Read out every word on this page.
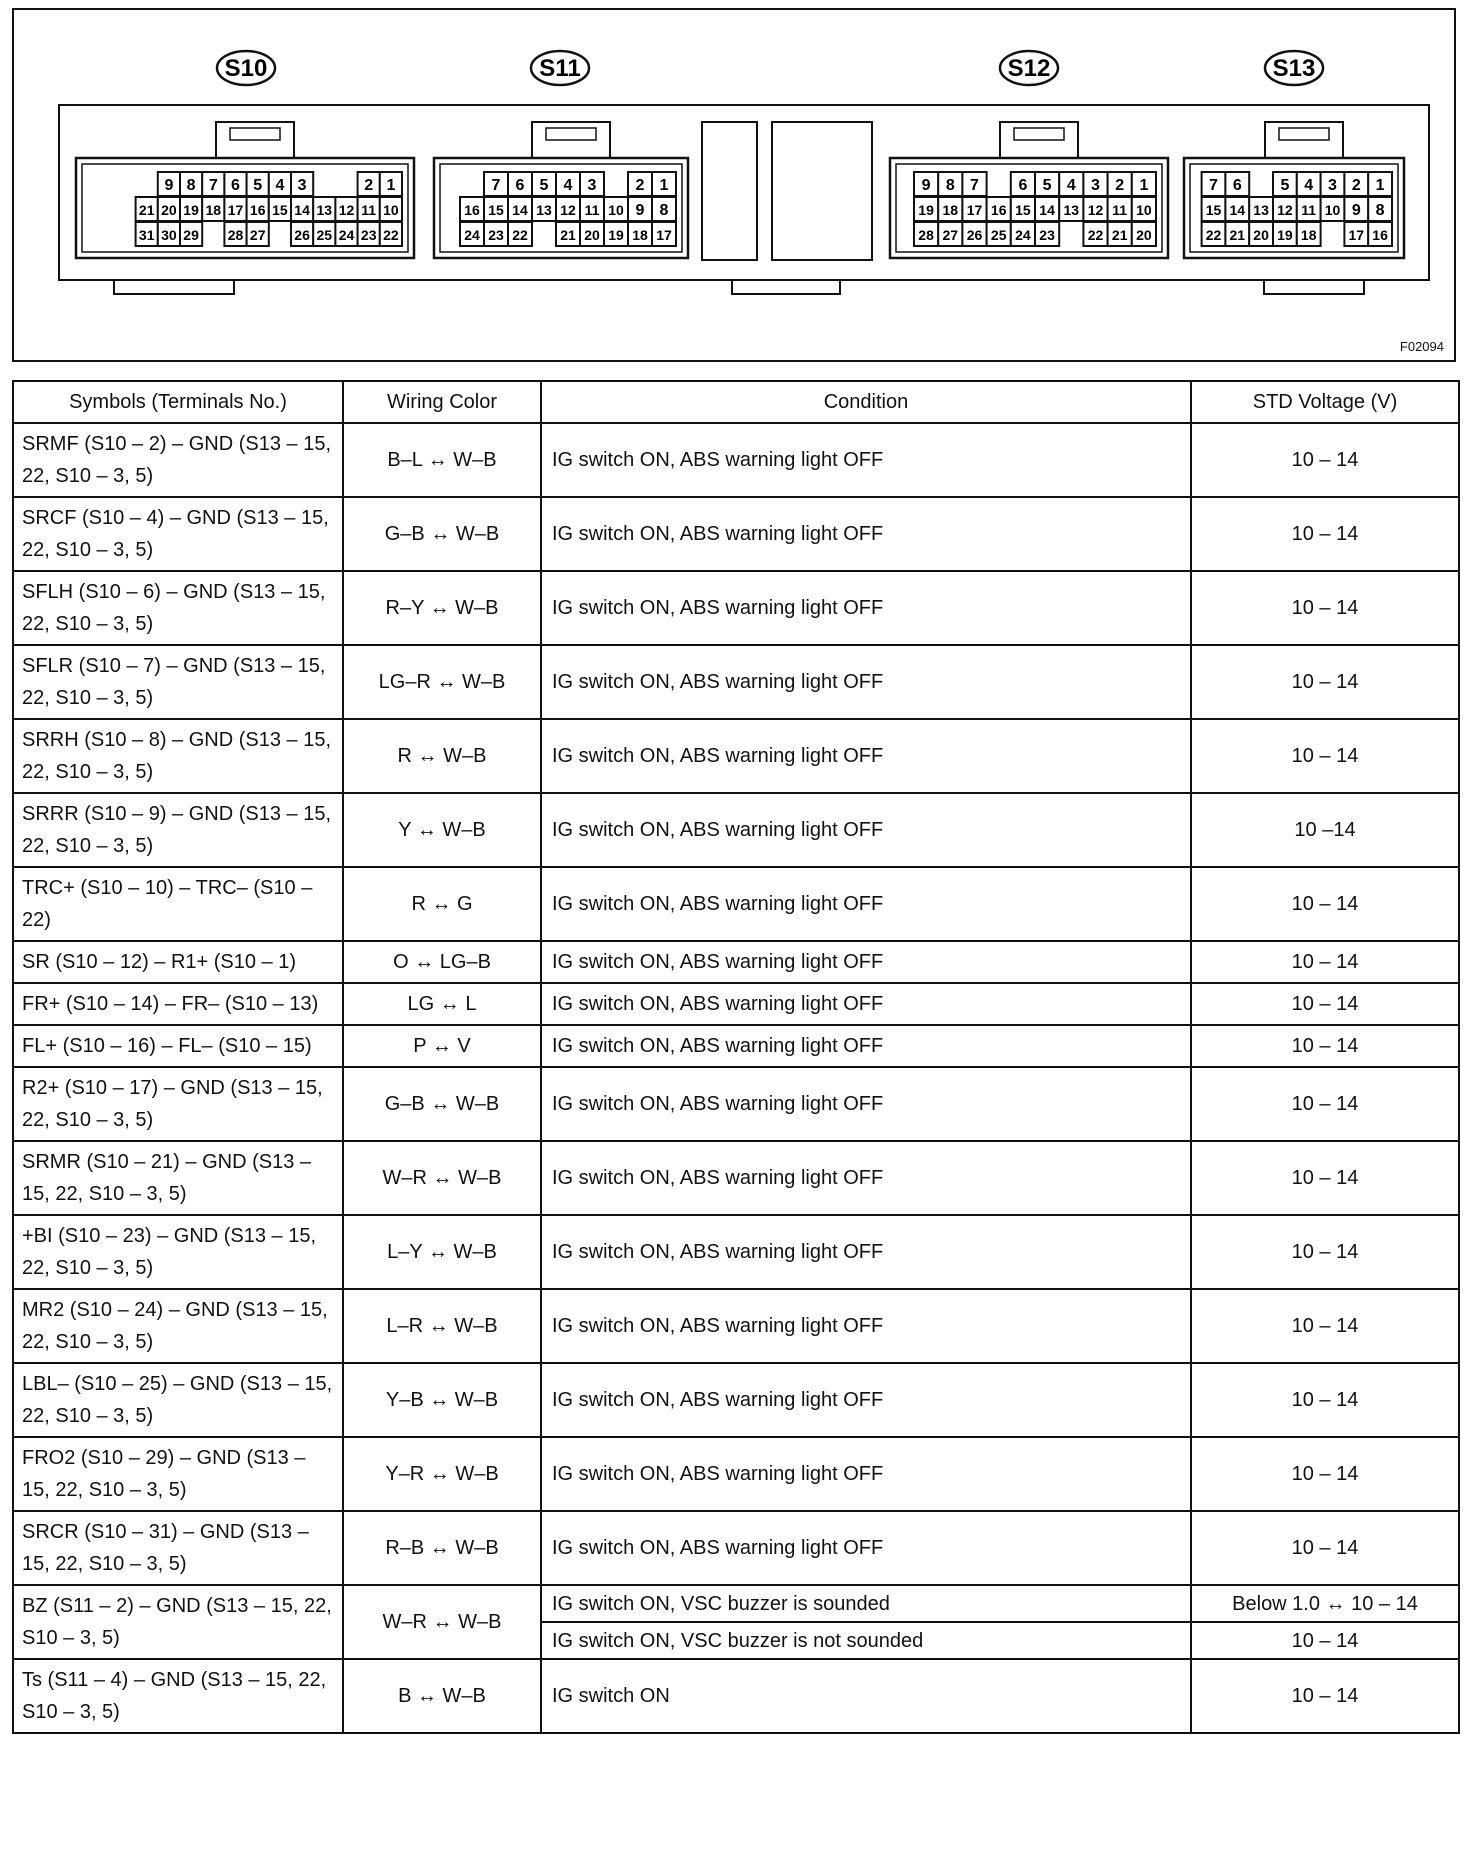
S10
9 8 7 6 5 4 3	2 1
21 20 19 18 17 16 15 14 13 12 11 10
31 30 29 28 27 26 25 24 23 22
S11
7 6 5 4 3 2 1
16 15 14 13 12 11 10 9 8
24 23 22 21 20 19 18 17
S12
9 8 7 6 5 4 3 2 1
19 18 17 16 15 14 13 12 11 10
28 27 26 25 24 23 22 21 20
S13
7 6 5 4 3 2 1
15 14 13 12 11 10 9 8
22 21 20 19 18 17 16
F02094
Symbols (Terminals No.)	Wiring Color	Condition	STD Voltage (V)
SRMF (S10 – 2) – GND (S13 – 15, 22, S10 – 3, 5)	B–L ↔ W–B	IG switch ON, ABS warning light OFF	10 – 14
SRCF (S10 – 4) – GND (S13 – 15, 22, S10 – 3, 5)	G–B ↔ W–B	IG switch ON, ABS warning light OFF	10 – 14
SFLH (S10 – 6) – GND (S13 – 15, 22, S10 – 3, 5)	R–Y ↔ W–B	IG switch ON, ABS warning light OFF	10 – 14
SFLR (S10 – 7) – GND (S13 – 15, 22, S10 – 3, 5)	LG–R ↔ W–B	IG switch ON, ABS warning light OFF	10 – 14
SRRH (S10 – 8) – GND (S13 – 15, 22, S10 – 3, 5)	R ↔ W–B	IG switch ON, ABS warning light OFF	10 – 14
SRRR (S10 – 9) – GND (S13 – 15, 22, S10 – 3, 5)	Y ↔ W–B	IG switch ON, ABS warning light OFF	10 –14
TRC+ (S10 – 10) – TRC– (S10 – 22)	R ↔ G	IG switch ON, ABS warning light OFF	10 – 14
SR (S10 – 12) – R1+ (S10 – 1)	O ↔ LG–B	IG switch ON, ABS warning light OFF	10 – 14
FR+ (S10 – 14) – FR– (S10 – 13)	LG ↔ L	IG switch ON, ABS warning light OFF	10 – 14
FL+ (S10 – 16) – FL– (S10 – 15)	P ↔ V	IG switch ON, ABS warning light OFF	10 – 14
R2+ (S10 – 17) – GND (S13 – 15, 22, S10 – 3, 5)	G–B ↔ W–B	IG switch ON, ABS warning light OFF	10 – 14
SRMR (S10 – 21) – GND (S13 – 15, 22, S10 – 3, 5)	W–R ↔ W–B	IG switch ON, ABS warning light OFF	10 – 14
+BI (S10 – 23) – GND (S13 – 15, 22, S10 – 3, 5)	L–Y ↔ W–B	IG switch ON, ABS warning light OFF	10 – 14
MR2 (S10 – 24) – GND (S13 – 15, 22, S10 – 3, 5)	L–R ↔ W–B	IG switch ON, ABS warning light OFF	10 – 14
LBL– (S10 – 25) – GND (S13 – 15, 22, S10 – 3, 5)	Y–B ↔ W–B	IG switch ON, ABS warning light OFF	10 – 14
FRO2 (S10 – 29) – GND (S13 – 15, 22, S10 – 3, 5)	Y–R ↔ W–B	IG switch ON, ABS warning light OFF	10 – 14
SRCR (S10 – 31) – GND (S13 – 15, 22, S10 – 3, 5)	R–B ↔ W–B	IG switch ON, ABS warning light OFF	10 – 14
BZ (S11 – 2) – GND (S13 – 15, 22, S10 – 3, 5)	W–R ↔ W–B	IG switch ON, VSC buzzer is sounded	Below 1.0 ↔ 10 – 14
		IG switch ON, VSC buzzer is not sounded	10 – 14
Ts (S11 – 4) – GND (S13 – 15, 22, S10 – 3, 5)	B ↔ W–B	IG switch ON	10 – 14
